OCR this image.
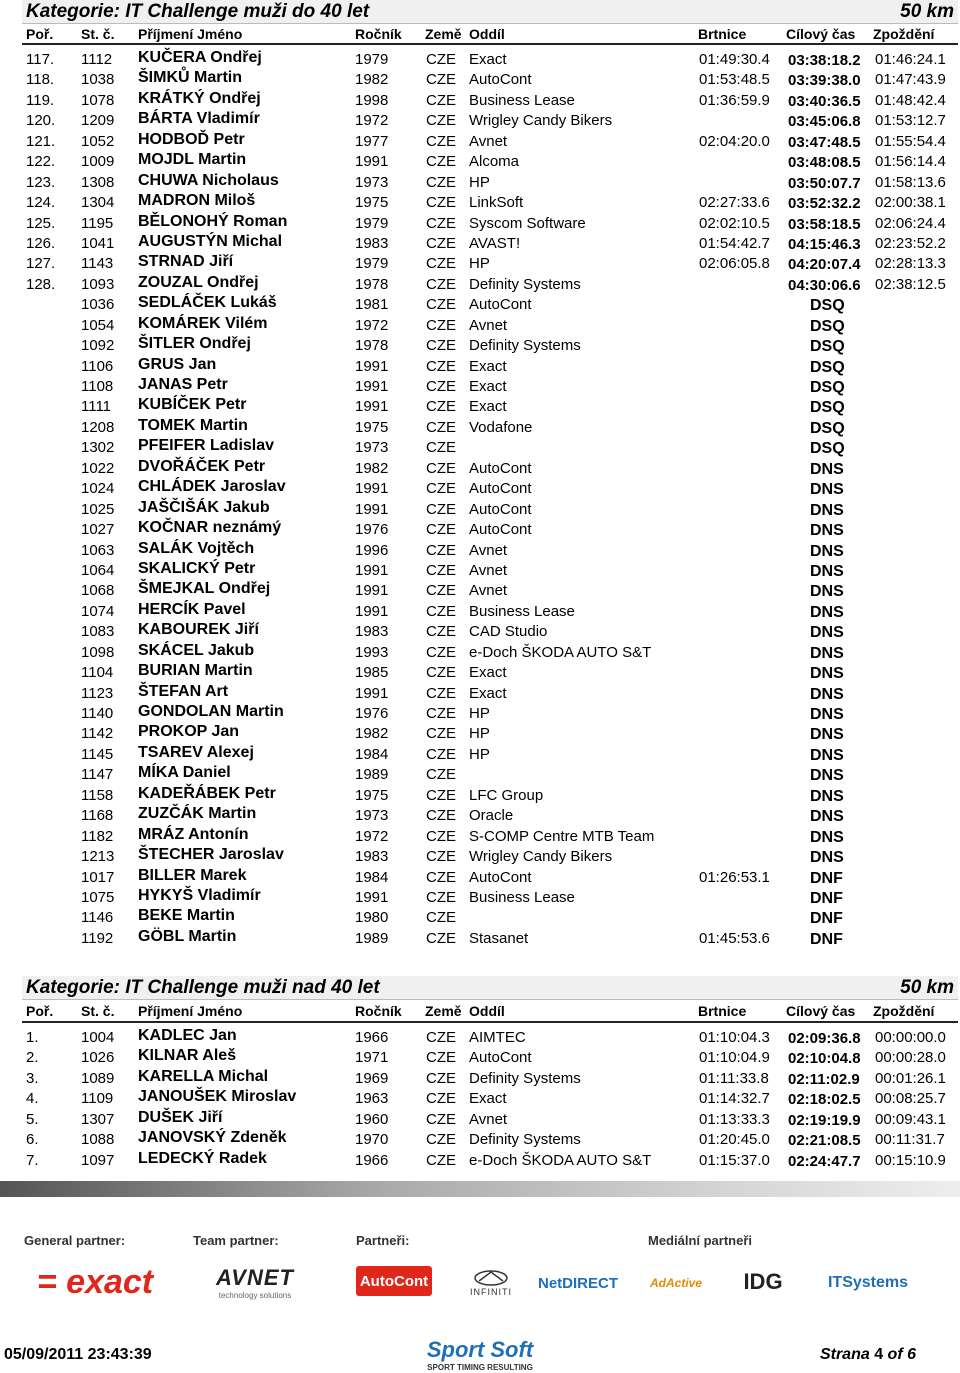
Kategorie: IT Challenge muži do 40 let	50 km
Poř. St. č. Příjmení Jméno	Ročník Země Oddíl	Brtnice	Cílový čas Zpoždění
117. 1112 KUČERA Ondřej	1979	CZE Exact	01:49:30.4 03:38:18.2 01:46:24.1
118. 1038 ŠIMKŮ Martin	1982	CZE AutoCont	01:53:48.5 03:39:38.0 01:47:43.9
119. 1078 KRÁTKÝ Ondřej	1998	CZE Business Lease	01:36:59.9 03:40:36.5 01:48:42.4
120. 1209 BÁRTA Vladimír	1972	CZE Wrigley Candy Bikers	03:45:06.8 01:53:12.7
121. 1052 HODBOĎ Petr	1977	CZE Avnet	02:04:20.0 03:47:48.5 01:55:54.4
122. 1009 MOJDL Martin	1991	CZE Alcoma	03:48:08.5 01:56:14.4
123. 1308 CHUWA Nicholaus	1973	CZE HP	03:50:07.7 01:58:13.6
124. 1304 MADRON Miloš	1975	CZE LinkSoft	02:27:33.6 03:52:32.2 02:00:38.1
125. 1195 BĚLONOHÝ Roman	1979	CZE Syscom Software	02:02:10.5 03:58:18.5 02:06:24.4
126. 1041 AUGUSTÝN Michal	1983	CZE AVAST!	01:54:42.7 04:15:46.3 02:23:52.2
127. 1143 STRNAD Jiří	1979	CZE HP	02:06:05.8 04:20:07.4 02:28:13.3
128. 1093 ZOUZAL Ondřej	1978	CZE Definity Systems	04:30:06.6 02:38:12.5
1036 SEDLÁČEK Lukáš	1981	CZE AutoCont	DSQ
1054 KOMÁREK Vilém	1972	CZE Avnet	DSQ
1092 ŠITLER Ondřej	1978	CZE Definity Systems	DSQ
1106 GRUS Jan	1991	CZE Exact	DSQ
1108 JANAS Petr	1991	CZE Exact	DSQ
1111 KUBÍČEK Petr	1991	CZE Exact	DSQ
1208 TOMEK Martin	1975	CZE Vodafone	DSQ
1302 PFEIFER Ladislav	1973	CZE	DSQ
1022 DVOŘÁČEK Petr	1982	CZE AutoCont	DNS
1024 CHLÁDEK Jaroslav	1991	CZE AutoCont	DNS
1025 JAŠČIŠÁK Jakub	1991	CZE AutoCont	DNS
1027 KOČNAR neznámý	1976	CZE AutoCont	DNS
1063 SALÁK Vojtěch	1996	CZE Avnet	DNS
1064 SKALICKÝ Petr	1991	CZE Avnet	DNS
1068 ŠMEJKAL Ondřej	1991	CZE Avnet	DNS
1074 HERCÍK Pavel	1991	CZE Business Lease	DNS
1083 KABOUREK Jiří	1983	CZE CAD Studio	DNS
1098 SKÁCEL Jakub	1993	CZE e-Doch ŠKODA AUTO S&T	DNS
1104 BURIAN Martin	1985	CZE Exact	DNS
1123 ŠTEFAN Art	1991	CZE Exact	DNS
1140 GONDOLAN Martin	1976	CZE HP	DNS
1142 PROKOP Jan	1982	CZE HP	DNS
1145 TSAREV Alexej	1984	CZE HP	DNS
1147 MÍKA Daniel	1989	CZE	DNS
1158 KADEŘÁBEK Petr	1975	CZE LFC Group	DNS
1168 ZUZČÁK Martin	1973	CZE Oracle	DNS
1182 MRÁZ Antonín	1972	CZE S-COMP Centre MTB Team	DNS
1213 ŠTECHER Jaroslav	1983	CZE Wrigley Candy Bikers	DNS
1017 BILLER Marek	1984	CZE AutoCont	01:26:53.1	DNF
1075 HYKYŠ Vladimír	1991	CZE Business Lease	DNF
1146 BEKE Martin	1980	CZE	DNF
1192 GÖBL Martin	1989	CZE Stasanet	01:45:53.6	DNF
Kategorie: IT Challenge muži nad 40 let	50 km
Poř. St. č. Příjmení Jméno	Ročník Země Oddíl	Brtnice	Cílový čas Zpoždění
1.	1004 KADLEC Jan	1966	CZE AIMTEC	01:10:04.3 02:09:36.8 00:00:00.0
2.	1026 KILNAR Aleš	1971	CZE AutoCont	01:10:04.9 02:10:04.8 00:00:28.0
3.	1089 KARELLA Michal	1969	CZE Definity Systems	01:11:33.8 02:11:02.9 00:01:26.1
4.	1109 JANOUŠEK Miroslav	1963	CZE Exact	01:14:32.7 02:18:02.5 00:08:25.7
5.	1307 DUŠEK Jiří	1960	CZE Avnet	01:13:33.3 02:19:19.9 00:09:43.1
6.	1088 JANOVSKÝ Zdeněk	1970	CZE Definity Systems	01:20:45.0 02:21:08.5 00:11:31.7
7.	1097 LEDECKÝ Radek	1966	CZE e-Doch ŠKODA AUTO S&T	01:15:37.0 02:24:47.7 00:15:10.9
General partner:	Team partner:	Partneři:	Mediální partneři
= exact	AVNET
technology solutions
AutoCont
INFINITI
NetDIRECT	AdActive	IDG	ITSystems
05/09/2011 23:43:39	Sport Soft
SPORT TIMING RESULTING
Strana 4 of 6
